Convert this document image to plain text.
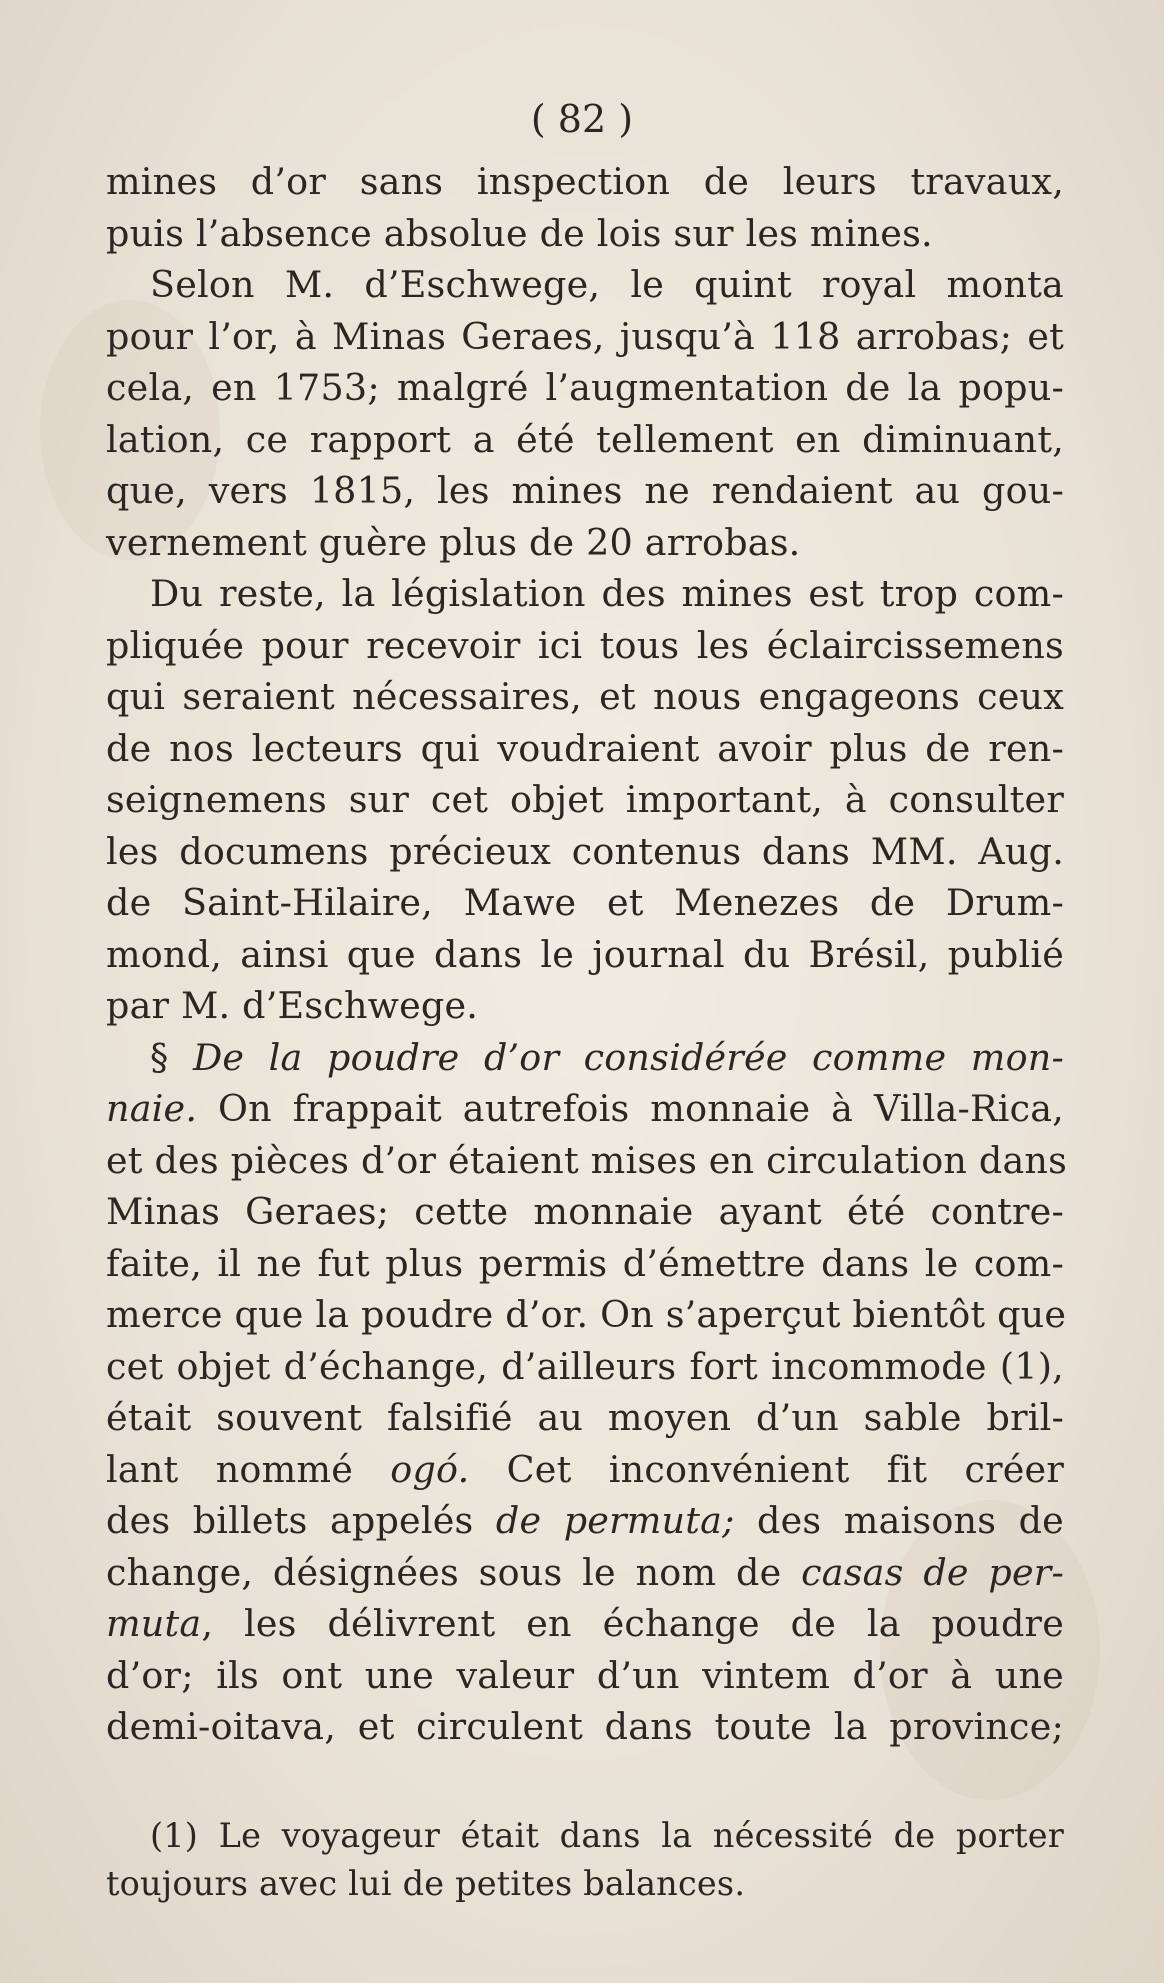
( 82 )
mines d’or sans inspection de leurs travaux,
puis l’absence absolue de lois sur les mines.
Selon M. d’Eschwege, le quint royal monta
pour l’or, à Minas Geraes, jusqu’à 118 arrobas; et
cela, en 1753; malgré l’augmentation de la popu-
lation, ce rapport a été tellement en diminuant,
que, vers 1815, les mines ne rendaient au gou-
vernement guère plus de 20 arrobas.
Du reste, la législation des mines est trop com-
pliquée pour recevoir ici tous les éclaircissemens
qui seraient nécessaires, et nous engageons ceux
de nos lecteurs qui voudraient avoir plus de ren-
seignemens sur cet objet important, à consulter
les documens précieux contenus dans MM. Aug.
de Saint-Hilaire, Mawe et Menezes de Drum-
mond, ainsi que dans le journal du Brésil, publié
par M. d’Eschwege.
§ De la poudre d’or considérée comme mon-
naie. On frappait autrefois monnaie à Villa-Rica,
et des pièces d’or étaient mises en circulation dans
Minas Geraes; cette monnaie ayant été contre-
faite, il ne fut plus permis d’émettre dans le com-
merce que la poudre d’or. On s’aperçut bientôt que
cet objet d’échange, d’ailleurs fort incommode (1),
était souvent falsifié au moyen d’un sable bril-
lant nommé ogó. Cet inconvénient fit créer
des billets appelés de permuta; des maisons de
change, désignées sous le nom de casas de per-
muta, les délivrent en échange de la poudre
d’or; ils ont une valeur d’un vintem d’or à une
demi-oitava, et circulent dans toute la province;
(1) Le voyageur était dans la nécessité de porter
toujours avec lui de petites balances.
